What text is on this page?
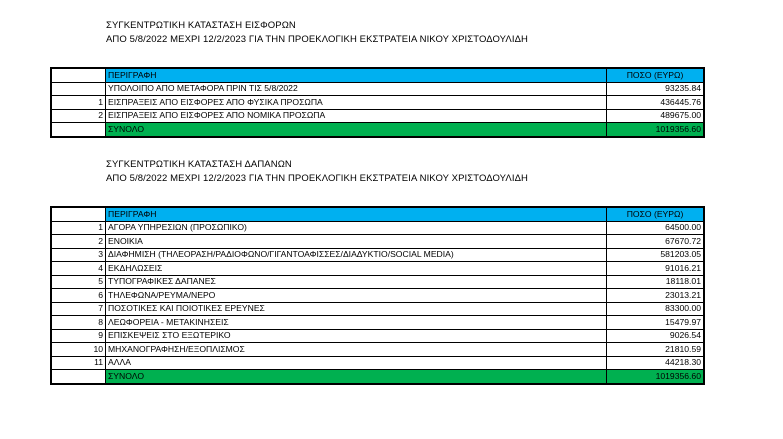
ΣΥΓΚΕΝΤΡΩΤΙΚΗ ΚΑΤΑΣΤΑΣΗ ΕΙΣΦΟΡΩΝ
ΑΠΟ 5/8/2022 ΜΕΧΡΙ 12/2/2023 ΓΙΑ ΤΗΝ ΠΡΟΕΚΛΟΓΙΚΗ ΕΚΣΤΡΑΤΕΙΑ ΝΙΚΟΥ ΧΡΙΣΤΟΔΟΥΛΙΔΗ
	ΠΕΡΙΓΡΑΦΗ	ΠΟΣΟ (ΕΥΡΩ)
	ΥΠΟΛΟΙΠΟ ΑΠΟ ΜΕΤΑΦΟΡΑ ΠΡΙΝ ΤΙΣ 5/8/2022	93235.84
1	ΕΙΣΠΡΑΞΕΙΣ ΑΠΟ ΕΙΣΦΟΡΕΣ ΑΠΟ ΦΥΣΙΚΑ ΠΡΟΣΩΠΑ	436445.76
2	ΕΙΣΠΡΑΞΕΙΣ ΑΠΟ ΕΙΣΦΟΡΕΣ ΑΠΟ ΝΟΜΙΚΑ ΠΡΟΣΩΠΑ	489675.00
	ΣΥΝΟΛΟ	1019356.60
ΣΥΓΚΕΝΤΡΩΤΙΚΗ ΚΑΤΑΣΤΑΣΗ ΔΑΠΑΝΩΝ
ΑΠΟ 5/8/2022 ΜΕΧΡΙ 12/2/2023 ΓΙΑ ΤΗΝ ΠΡΟΕΚΛΟΓΙΚΗ ΕΚΣΤΡΑΤΕΙΑ ΝΙΚΟΥ ΧΡΙΣΤΟΔΟΥΛΙΔΗ
	ΠΕΡΙΓΡΑΦΗ	ΠΟΣΟ (ΕΥΡΩ)
1	ΑΓΟΡΑ ΥΠΗΡΕΣΙΩΝ (ΠΡΟΣΩΠΙΚΟ)	64500.00
2	ΕΝΟΙΚΙΑ	67670.72
3	ΔΙΑΦΗΜΙΣΗ (ΤΗΛΕΟΡΑΣΗ/ΡΑΔΙΟΦΩΝΟ/ΓΙΓΑΝΤΟΑΦΙΣΣΕΣ/ΔΙΑΔΥΚΤΙΟ/SOCIAL MEDIA)	581203.05
4	ΕΚΔΗΛΩΣΕΙΣ	91016.21
5	ΤΥΠΟΓΡΑΦΙΚΕΣ ΔΑΠΑΝΕΣ	18118.01
6	ΤΗΛΕΦΩΝΑ/ΡΕΥΜΑ/ΝΕΡΟ	23013.21
7	ΠΟΣΟΤΙΚΕΣ ΚΑΙ ΠΟΙΟΤΙΚΕΣ ΕΡΕΥΝΕΣ	83300.00
8	ΛΕΩΦΟΡΕΙΑ - ΜΕΤΑΚΙΝΗΣΕΙΣ	15479.97
9	ΕΠΙΣΚΕΨΕΙΣ ΣΤΟ ΕΞΩΤΕΡΙΚΟ	9026.54
10	ΜΗΧΑΝΟΓΡΑΦΗΣΗ/ΕΞΟΠΛΙΣΜΟΣ	21810.59
11	ΑΛΛΑ	44218.30
	ΣΥΝΟΛΟ	1019356.60
